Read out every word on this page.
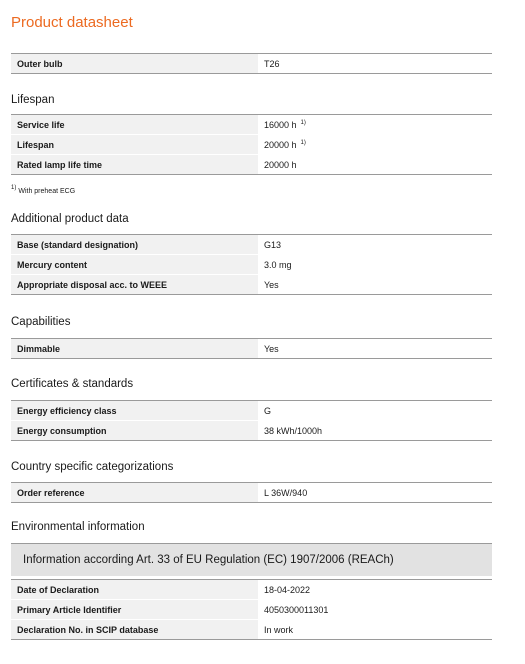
Product datasheet
Outer bulb	T26
Lifespan
Service life	16000 h $^{1)}$
Lifespan	20000 h $^{1)}$
Rated lamp life time	20000 h
$^{1)}$ With preheat ECG
Additional product data
Base (standard designation)	G13
Mercury content	3.0 mg
Appropriate disposal acc. to WEEE	Yes
Capabilities
Dimmable	Yes
Certificates & standards
Energy efficiency class	G
Energy consumption	38 kWh/1000h
Country specific categorizations
Order reference	L 36W/940
Environmental information
Information according Art. 33 of EU Regulation (EC) 1907/2006 (REACh)
Date of Declaration	18-04-2022
Primary Article Identifier	4050300011301
Declaration No. in SCIP database	In work
